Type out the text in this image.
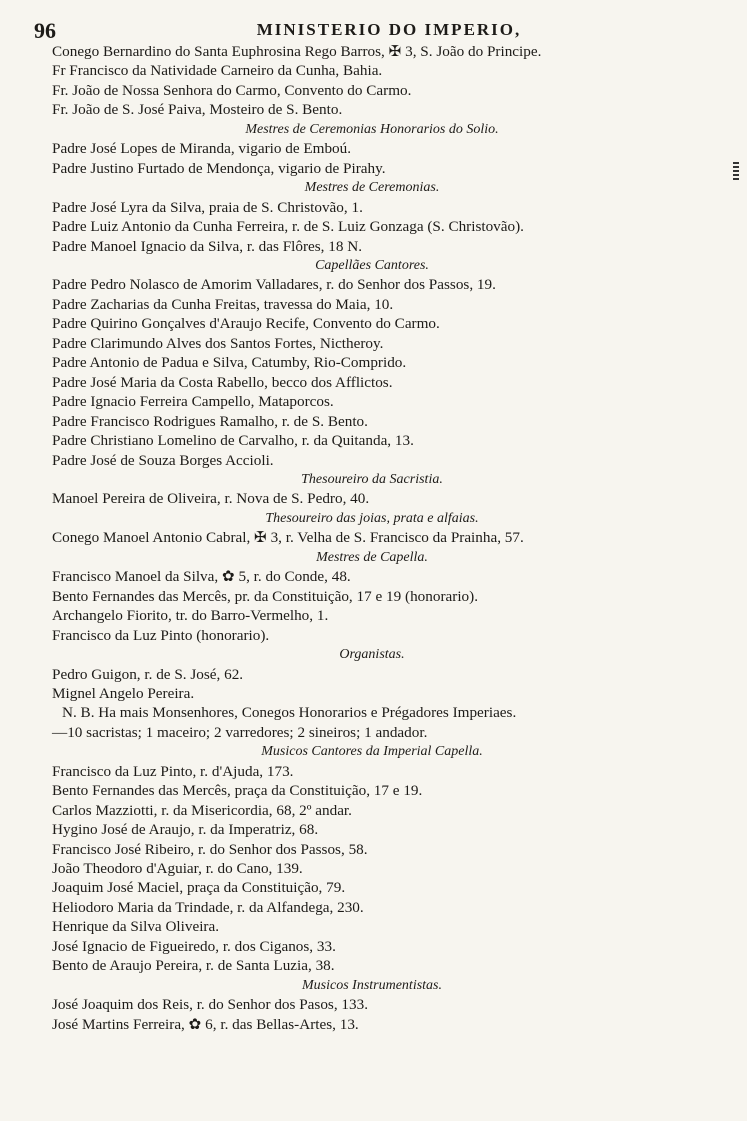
96	MINISTERIO DO IMPERIO,
Conego Bernardino do Santa Euphrosina Rego Barros, ✠ 3, S. João do Principe.
Fr Francisco da Natividade Carneiro da Cunha, Bahia.
Fr. João de Nossa Senhora do Carmo, Convento do Carmo.
Fr. João de S. José Paiva, Mosteiro de S. Bento.
Mestres de Ceremonias Honorarios do Solio.
Padre José Lopes de Miranda, vigario de Emboú.
Padre Justino Furtado de Mendonça, vigario de Pirahy.
Mestres de Ceremonias.
Padre José Lyra da Silva, praia de S. Christovão, 1.
Padre Luiz Antonio da Cunha Ferreira, r. de S. Luiz Gonzaga (S. Christovão).
Padre Manoel Ignacio da Silva, r. das Flôres, 18 N.
Capellães Cantores.
Padre Pedro Nolasco de Amorim Valladares, r. do Senhor dos Passos, 19.
Padre Zacharias da Cunha Freitas, travessa do Maia, 10.
Padre Quirino Gonçalves d'Araujo Recife, Convento do Carmo.
Padre Clarimundo Alves dos Santos Fortes, Nictheroy.
Padre Antonio de Padua e Silva, Catumby, Rio-Comprido.
Padre José Maria da Costa Rabello, becco dos Afflictos.
Padre Ignacio Ferreira Campello, Mataporcos.
Padre Francisco Rodrigues Ramalho, r. de S. Bento.
Padre Christiano Lomelino de Carvalho, r. da Quitanda, 13.
Padre José de Souza Borges Accioli.
Thesoureiro da Sacristia.
Manoel Pereira de Oliveira, r. Nova de S. Pedro, 40.
Thesoureiro das joias, prata e alfaias.
Conego Manoel Antonio Cabral, ✠ 3, r. Velha de S. Francisco da Prainha, 57.
Mestres de Capella.
Francisco Manoel da Silva, ✿ 5, r. do Conde, 48.
Bento Fernandes das Mercês, pr. da Constituição, 17 e 19 (honorario).
Archangelo Fiorito, tr. do Barro-Vermelho, 1.
Francisco da Luz Pinto (honorario).
Organistas.
Pedro Guigon, r. de S. José, 62.
Mignel Angelo Pereira.
N. B. Ha mais Monsenhores, Conegos Honorarios e Prégadores Imperiaes.
—10 sacristas; 1 maceiro; 2 varredores; 2 sineiros; 1 andador.
Musicos Cantores da Imperial Capella.
Francisco da Luz Pinto, r. d'Ajuda, 173.
Bento Fernandes das Mercês, praça da Constituição, 17 e 19.
Carlos Mazziotti, r. da Misericordia, 68, 2º andar.
Hygino José de Araujo, r. da Imperatriz, 68.
Francisco José Ribeiro, r. do Senhor dos Passos, 58.
João Theodoro d'Aguiar, r. do Cano, 139.
Joaquim José Maciel, praça da Constituição, 79.
Heliodoro Maria da Trindade, r. da Alfandega, 230.
Henrique da Silva Oliveira.
José Ignacio de Figueiredo, r. dos Ciganos, 33.
Bento de Araujo Pereira, r. de Santa Luzia, 38.
Musicos Instrumentistas.
José Joaquim dos Reis, r. do Senhor dos Pasos, 133.
José Martins Ferreira, ✿ 6, r. das Bellas-Artes, 13.
